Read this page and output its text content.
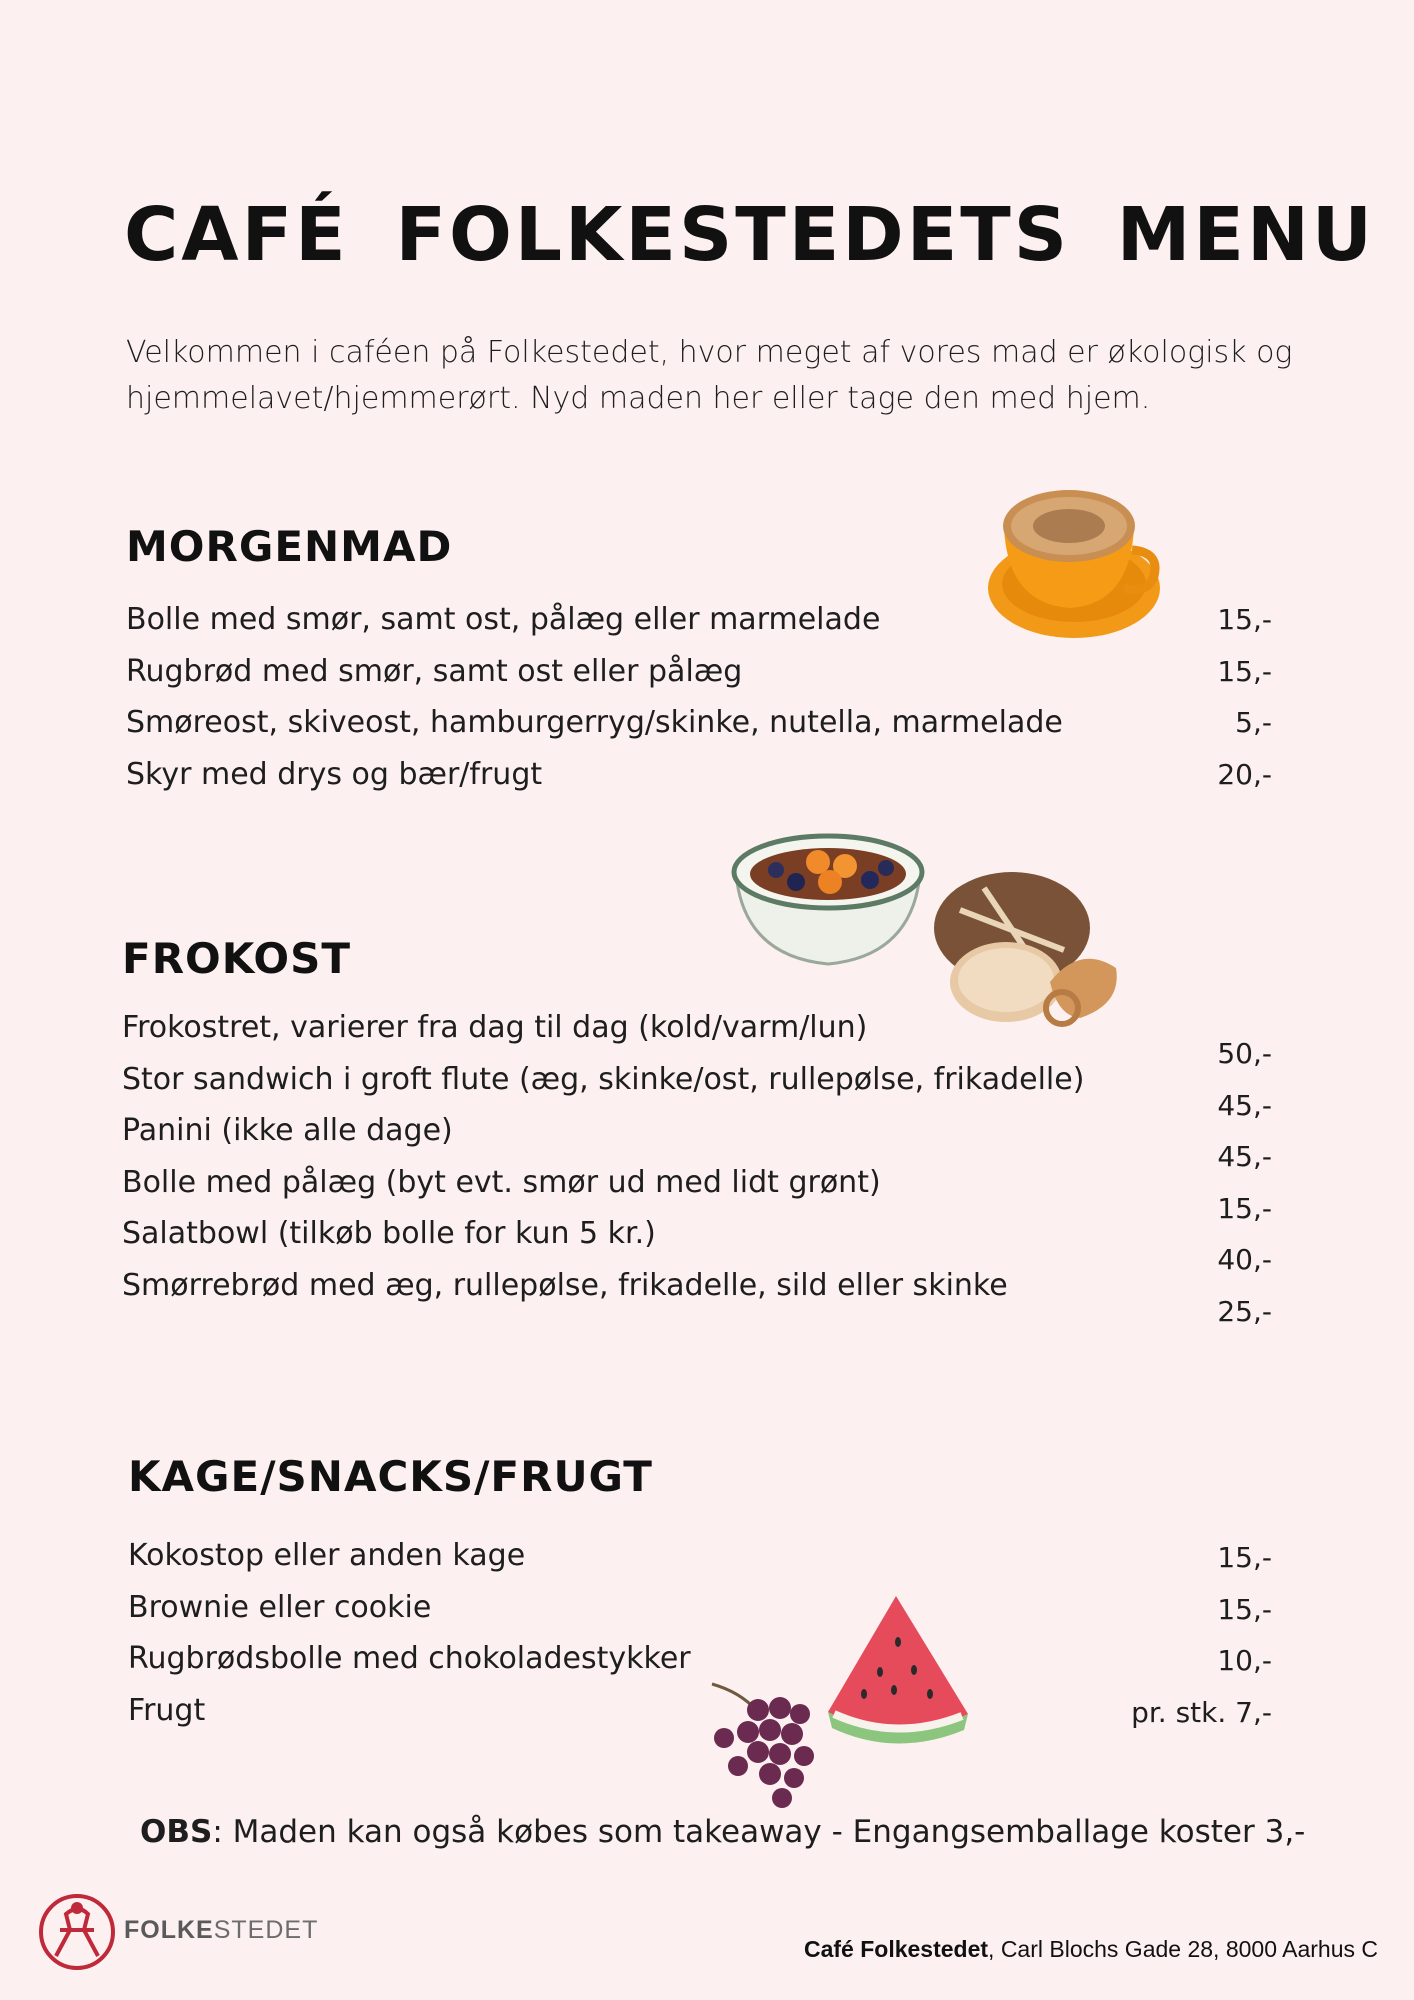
CAFÉ FOLKESTEDETS MENU
Velkommen i caféen på Folkestedet, hvor meget af vores mad er økologisk og hjemmelavet/hjemmerørt. Nyd maden her eller tage den med hjem.
MORGENMAD
Bolle med smør, samt ost, pålæg eller marmelade
Rugbrød med smør, samt ost eller pålæg
Smøreost, skiveost, hamburgerryg/skinke, nutella, marmelade
Skyr med drys og bær/frugt
15,-
15,-
5,-
20,-
FROKOST
Frokostret, varierer fra dag til dag (kold/varm/lun)
Stor sandwich i groft flute (æg, skinke/ost, rullepølse, frikadelle)
Panini (ikke alle dage)
Bolle med pålæg (byt evt. smør ud med lidt grønt)
Salatbowl (tilkøb bolle for kun 5 kr.)
Smørrebrød med æg, rullepølse, frikadelle, sild eller skinke
50,-
45,-
45,-
15,-
40,-
25,-
KAGE/SNACKS/FRUGT
Kokostop eller anden kage
Brownie eller cookie
Rugbrødsbolle med chokoladestykker
Frugt
15,-
15,-
10,-
pr. stk. 7,-
OBS: Maden kan også købes som takeaway - Engangsemballage koster 3,-
FOLKESTEDET
Café Folkestedet, Carl Blochs Gade 28, 8000 Aarhus C
